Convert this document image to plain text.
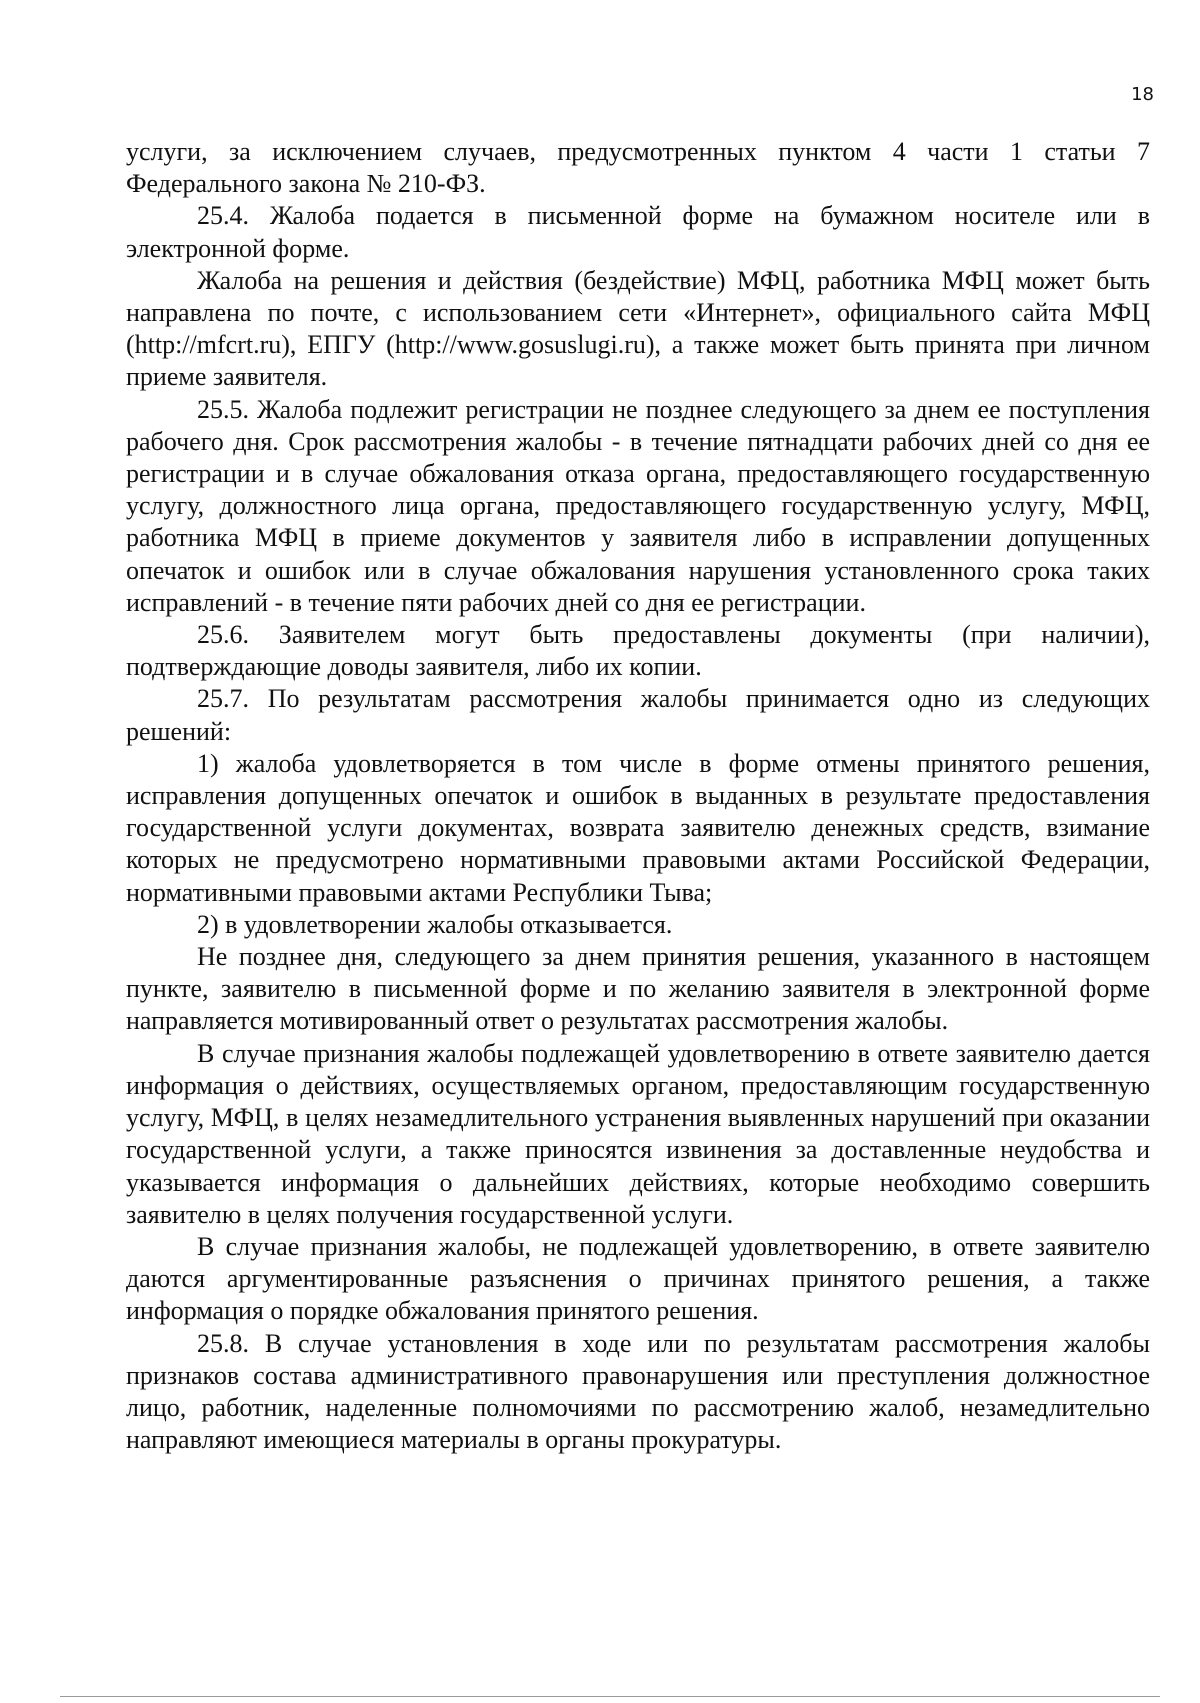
18

услуги, за исключением случаев, предусмотренных пунктом 4 части 1 статьи 7 Федерального закона № 210-ФЗ.

25.4. Жалоба подается в письменной форме на бумажном носителе или в электронной форме.

Жалоба на решения и действия (бездействие) МФЦ, работника МФЦ может быть направлена по почте, с использованием сети «Интернет», официального сайта МФЦ (http://mfcrt.ru), ЕПГУ (http://www.gosuslugi.ru), а также может быть принята при личном приеме заявителя.

25.5. Жалоба подлежит регистрации не позднее следующего за днем ее поступления рабочего дня. Срок рассмотрения жалобы - в течение пятнадцати рабочих дней со дня ее регистрации и в случае обжалования отказа органа, предоставляющего государственную услугу, должностного лица органа, предоставляющего государственную услугу, МФЦ, работника МФЦ в приеме документов у заявителя либо в исправлении допущенных опечаток и ошибок или в случае обжалования нарушения установленного срока таких исправлений - в течение пяти рабочих дней со дня ее регистрации.

25.6. Заявителем могут быть предоставлены документы (при наличии), подтверждающие доводы заявителя, либо их копии.

25.7. По результатам рассмотрения жалобы принимается одно из следующих решений:

1) жалоба удовлетворяется в том числе в форме отмены принятого решения, исправления допущенных опечаток и ошибок в выданных в результате предоставления государственной услуги документах, возврата заявителю денежных средств, взимание которых не предусмотрено нормативными правовыми актами Российской Федерации, нормативными правовыми актами Республики Тыва;

2) в удовлетворении жалобы отказывается.

Не позднее дня, следующего за днем принятия решения, указанного в настоящем пункте, заявителю в письменной форме и по желанию заявителя в электронной форме направляется мотивированный ответ о результатах рассмотрения жалобы.

В случае признания жалобы подлежащей удовлетворению в ответе заявителю дается информация о действиях, осуществляемых органом, предоставляющим государственную услугу, МФЦ, в целях незамедлительного устранения выявленных нарушений при оказании государственной услуги, а также приносятся извинения за доставленные неудобства и указывается информация о дальнейших действиях, которые необходимо совершить заявителю в целях получения государственной услуги.

В случае признания жалобы, не подлежащей удовлетворению, в ответе заявителю даются аргументированные разъяснения о причинах принятого решения, а также информация о порядке обжалования принятого решения.

25.8. В случае установления в ходе или по результатам рассмотрения жалобы признаков состава административного правонарушения или преступления должностное лицо, работник, наделенные полномочиями по рассмотрению жалоб, незамедлительно направляют имеющиеся материалы в органы прокуратуры.
